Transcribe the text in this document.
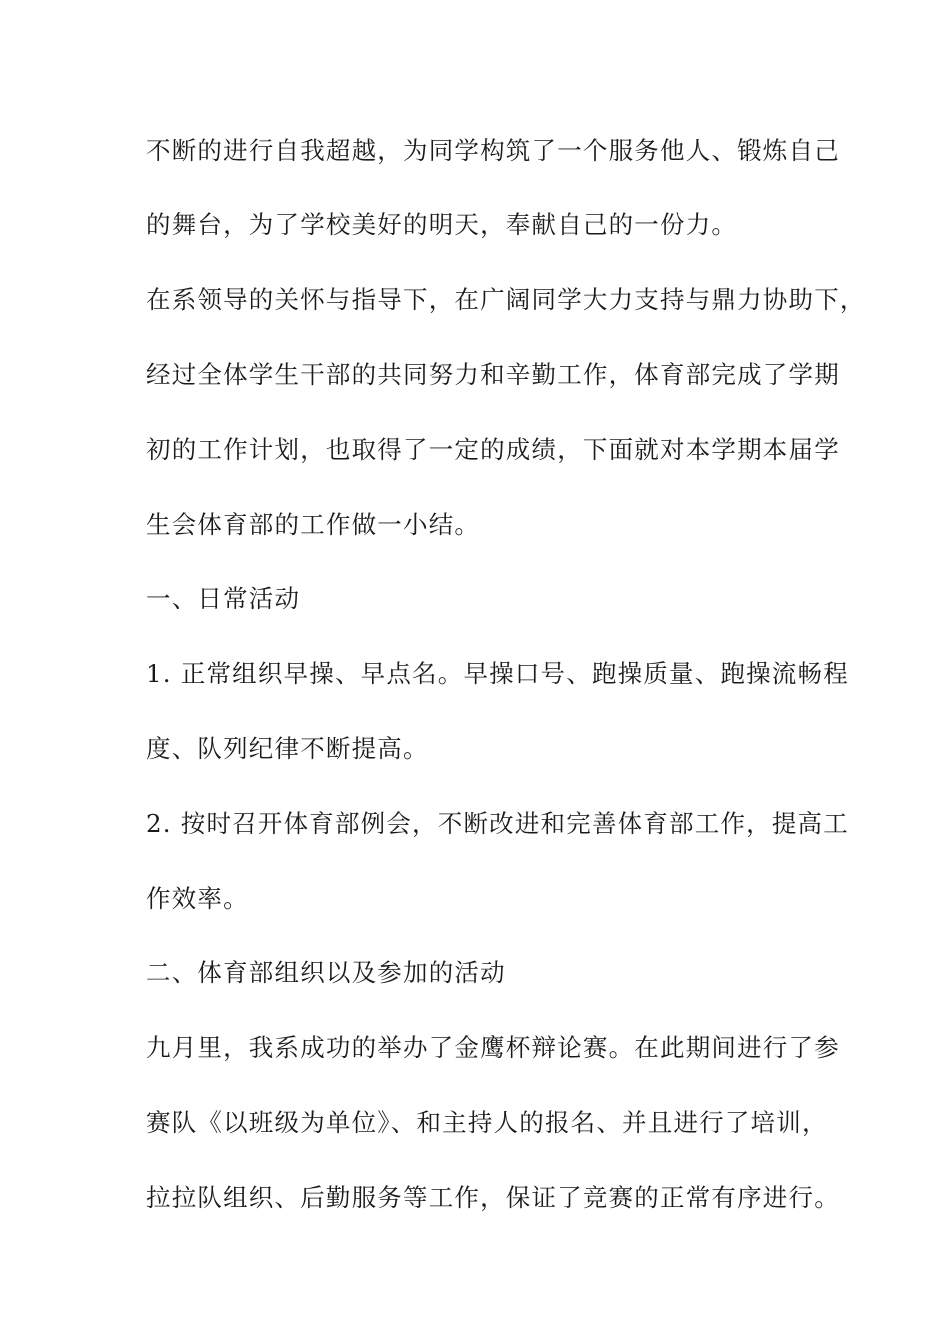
不断的进行自我超越，为同学构筑了一个服务他人、锻炼自己
的舞台，为了学校美好的明天，奉献自己的一份力。
在系领导的关怀与指导下，在广阔同学大力支持与鼎力协助下，
经过全体学生干部的共同努力和辛勤工作，体育部完成了学期
初的工作计划，也取得了一定的成绩，下面就对本学期本届学
生会体育部的工作做一小结。
一、日常活动
1. 正常组织早操、早点名。早操口号、跑操质量、跑操流畅程
度、队列纪律不断提高。
2. 按时召开体育部例会，不断改进和完善体育部工作，提高工
作效率。
二、体育部组织以及参加的活动
九月里，我系成功的举办了金鹰杯辩论赛。在此期间进行了参
赛队《以班级为单位》、和主持人的报名、并且进行了培训，
拉拉队组织、后勤服务等工作，保证了竞赛的正常有序进行。
